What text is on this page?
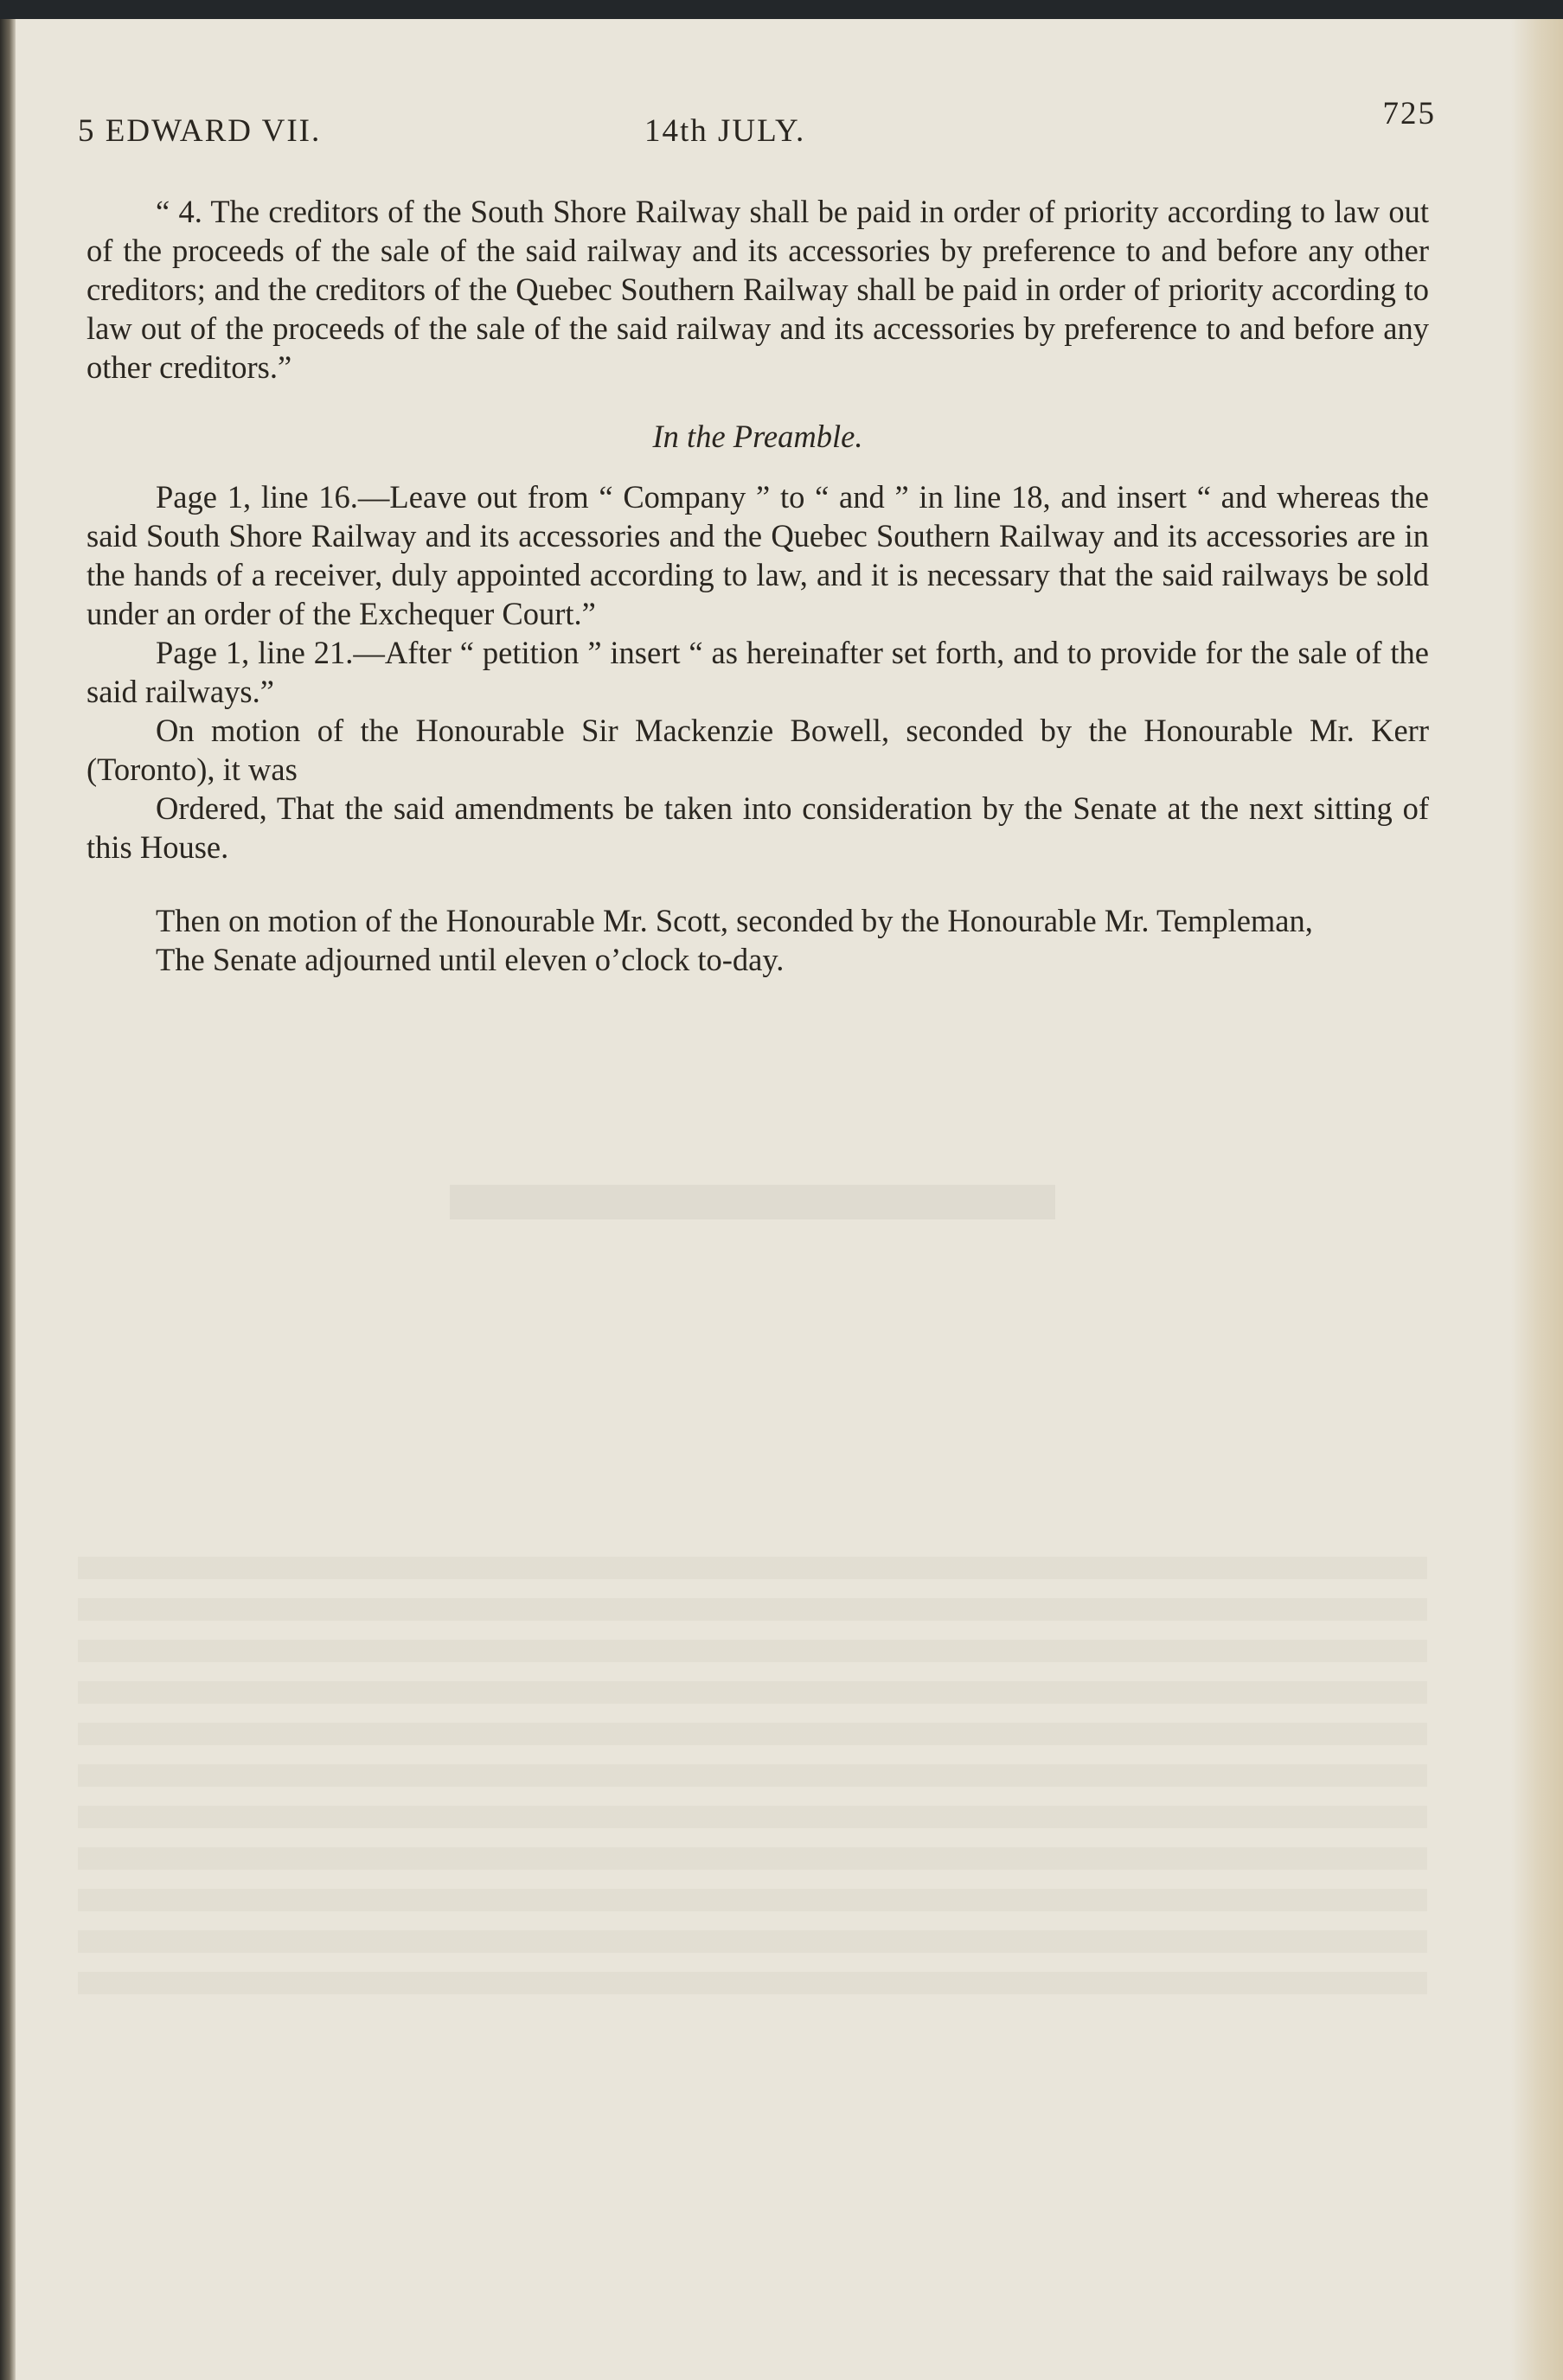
5 EDWARD VII.	14th JULY.	725

“ 4. The creditors of the South Shore Railway shall be paid in order of priority according to law out of the proceeds of the sale of the said railway and its accessories by preference to and before any other creditors; and the creditors of the Quebec Southern Railway shall be paid in order of priority according to law out of the proceeds of the sale of the said railway and its accessories by preference to and before any other creditors.”

In the Preamble.

Page 1, line 16.—Leave out from “ Company ” to “ and ” in line 18, and insert “ and whereas the said South Shore Railway and its accessories and the Quebec Southern Railway and its accessories are in the hands of a receiver, duly appointed according to law, and it is necessary that the said railways be sold under an order of the Exchequer Court.”

Page 1, line 21.—After “ petition ” insert “ as hereinafter set forth, and to provide for the sale of the said railways.”

On motion of the Honourable Sir Mackenzie Bowell, seconded by the Honourable Mr. Kerr (Toronto), it was

Ordered, That the said amendments be taken into consideration by the Senate at the next sitting of this House.

Then on motion of the Honourable Mr. Scott, seconded by the Honourable Mr. Templeman,

The Senate adjourned until eleven o’clock to-day.
